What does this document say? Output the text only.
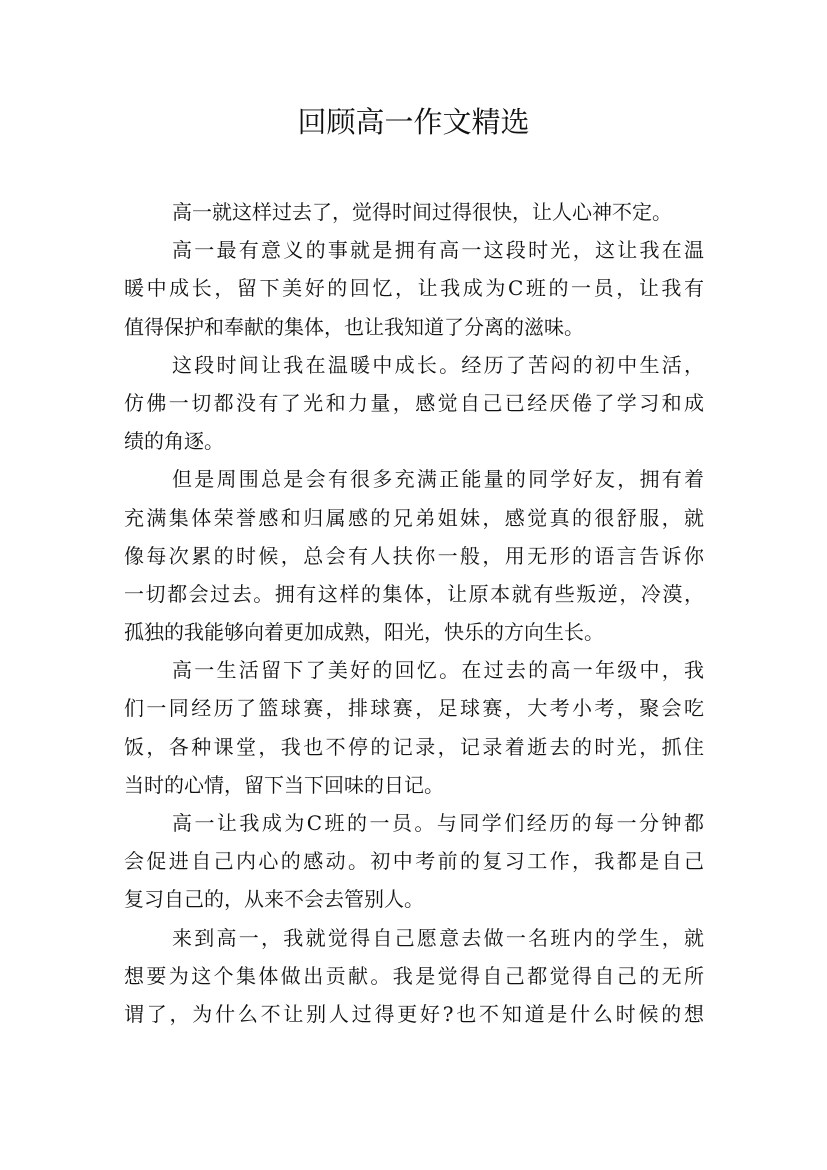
回顾高一作文精选

高一就这样过去了，觉得时间过得很快，让人心神不定。

高一最有意义的事就是拥有高一这段时光，这让我在温
暖中成长，留下美好的回忆，让我成为C班的一员，让我有
值得保护和奉献的集体，也让我知道了分离的滋味。

这段时间让我在温暖中成长。经历了苦闷的初中生活，
仿佛一切都没有了光和力量，感觉自己已经厌倦了学习和成
绩的角逐。

但是周围总是会有很多充满正能量的同学好友，拥有着
充满集体荣誉感和归属感的兄弟姐妹，感觉真的很舒服，就
像每次累的时候，总会有人扶你一般，用无形的语言告诉你
一切都会过去。拥有这样的集体，让原本就有些叛逆，冷漠，
孤独的我能够向着更加成熟，阳光，快乐的方向生长。

高一生活留下了美好的回忆。在过去的高一年级中，我
们一同经历了篮球赛，排球赛，足球赛，大考小考，聚会吃
饭，各种课堂，我也不停的记录，记录着逝去的时光，抓住
当时的心情，留下当下回味的日记。

高一让我成为C班的一员。与同学们经历的每一分钟都
会促进自己内心的感动。初中考前的复习工作，我都是自己
复习自己的，从来不会去管别人。

来到高一，我就觉得自己愿意去做一名班内的学生，就
想要为这个集体做出贡献。我是觉得自己都觉得自己的无所
谓了，为什么不让别人过得更好?也不知道是什么时候的想
